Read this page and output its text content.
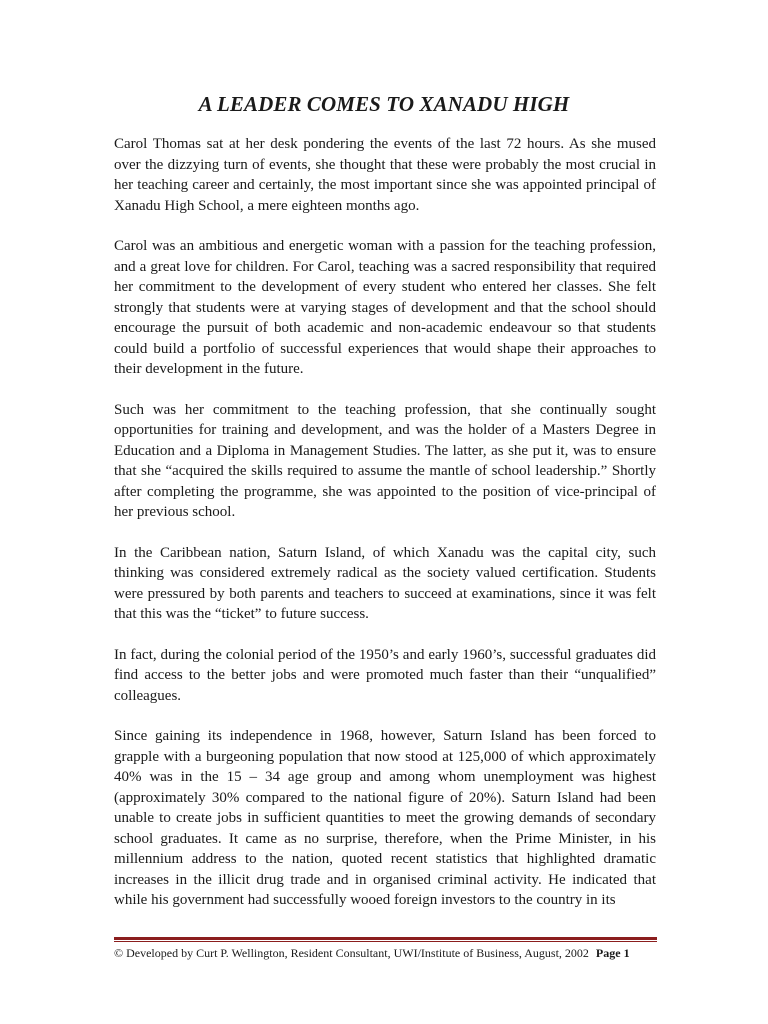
A LEADER COMES TO XANADU HIGH

Carol Thomas sat at her desk pondering the events of the last 72 hours. As she mused over the dizzying turn of events, she thought that these were probably the most crucial in her teaching career and certainly, the most important since she was appointed principal of Xanadu High School, a mere eighteen months ago.

Carol was an ambitious and energetic woman with a passion for the teaching profession, and a great love for children. For Carol, teaching was a sacred responsibility that required her commitment to the development of every student who entered her classes. She felt strongly that students were at varying stages of development and that the school should encourage the pursuit of both academic and non-academic endeavour so that students could build a portfolio of successful experiences that would shape their approaches to their development in the future.

Such was her commitment to the teaching profession, that she continually sought opportunities for training and development, and was the holder of a Masters Degree in Education and a Diploma in Management Studies. The latter, as she put it, was to ensure that she “acquired the skills required to assume the mantle of school leadership.” Shortly after completing the programme, she was appointed to the position of vice-principal of her previous school.

In the Caribbean nation, Saturn Island, of which Xanadu was the capital city, such thinking was considered extremely radical as the society valued certification. Students were pressured by both parents and teachers to succeed at examinations, since it was felt that this was the “ticket” to future success.

In fact, during the colonial period of the 1950’s and early 1960’s, successful graduates did find access to the better jobs and were promoted much faster than their “unqualified” colleagues.

Since gaining its independence in 1968, however, Saturn Island has been forced to grapple with a burgeoning population that now stood at 125,000 of which approximately 40% was in the 15 – 34 age group and among whom unemployment was highest (approximately 30% compared to the national figure of 20%). Saturn Island had been unable to create jobs in sufficient quantities to meet the growing demands of secondary school graduates. It came as no surprise, therefore, when the Prime Minister, in his millennium address to the nation, quoted recent statistics that highlighted dramatic increases in the illicit drug trade and in organised criminal activity. He indicated that while his government had successfully wooed foreign investors to the country in its

© Developed by Curt P. Wellington, Resident Consultant, UWI/Institute of Business, August, 2002 Page 1
